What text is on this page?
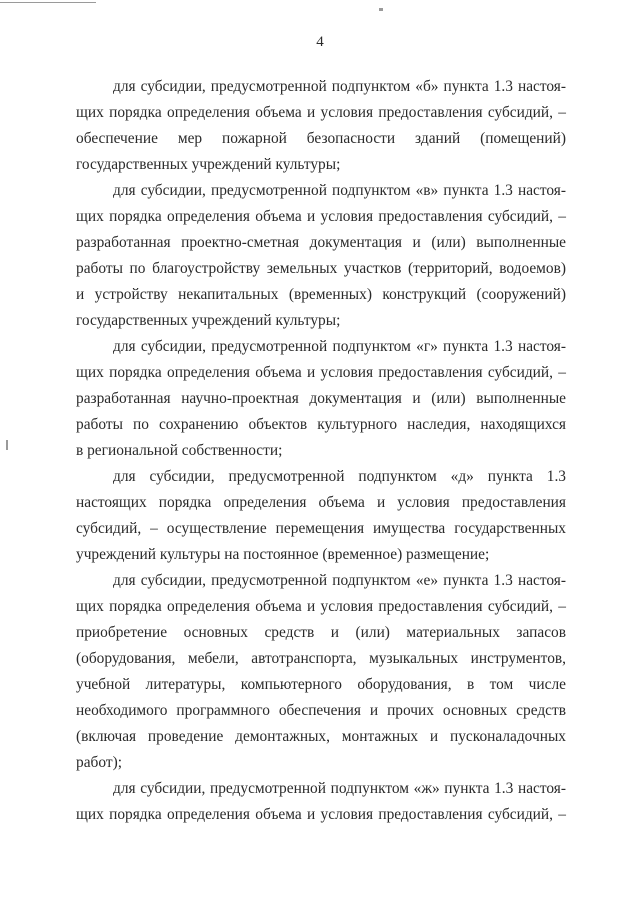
4
для субсидии, предусмотренной подпунктом «б» пункта 1.3 настоя-
щих порядка определения объема и условия предоставления субсидий, –
обеспечение мер пожарной безопасности зданий (помещений)
государственных учреждений культуры;
для субсидии, предусмотренной подпунктом «в» пункта 1.3 настоя-
щих порядка определения объема и условия предоставления субсидий, –
разработанная проектно-сметная документация и (или) выполненные
работы по благоустройству земельных участков (территорий, водоемов)
и устройству некапитальных (временных) конструкций (сооружений)
государственных учреждений культуры;
для субсидии, предусмотренной подпунктом «г» пункта 1.3 настоя-
щих порядка определения объема и условия предоставления субсидий, –
разработанная научно-проектная документация и (или) выполненные
работы по сохранению объектов культурного наследия, находящихся
в региональной собственности;
для субсидии, предусмотренной подпунктом «д» пункта 1.3
настоящих порядка определения объема и условия предоставления
субсидий, – осуществление перемещения имущества государственных
учреждений культуры на постоянное (временное) размещение;
для субсидии, предусмотренной подпунктом «е» пункта 1.3 настоя-
щих порядка определения объема и условия предоставления субсидий, –
приобретение основных средств и (или) материальных запасов
(оборудования, мебели, автотранспорта, музыкальных инструментов,
учебной литературы, компьютерного оборудования, в том числе
необходимого программного обеспечения и прочих основных средств
(включая проведение демонтажных, монтажных и пусконаладочных
работ);
для субсидии, предусмотренной подпунктом «ж» пункта 1.3 настоя-
щих порядка определения объема и условия предоставления субсидий, –
